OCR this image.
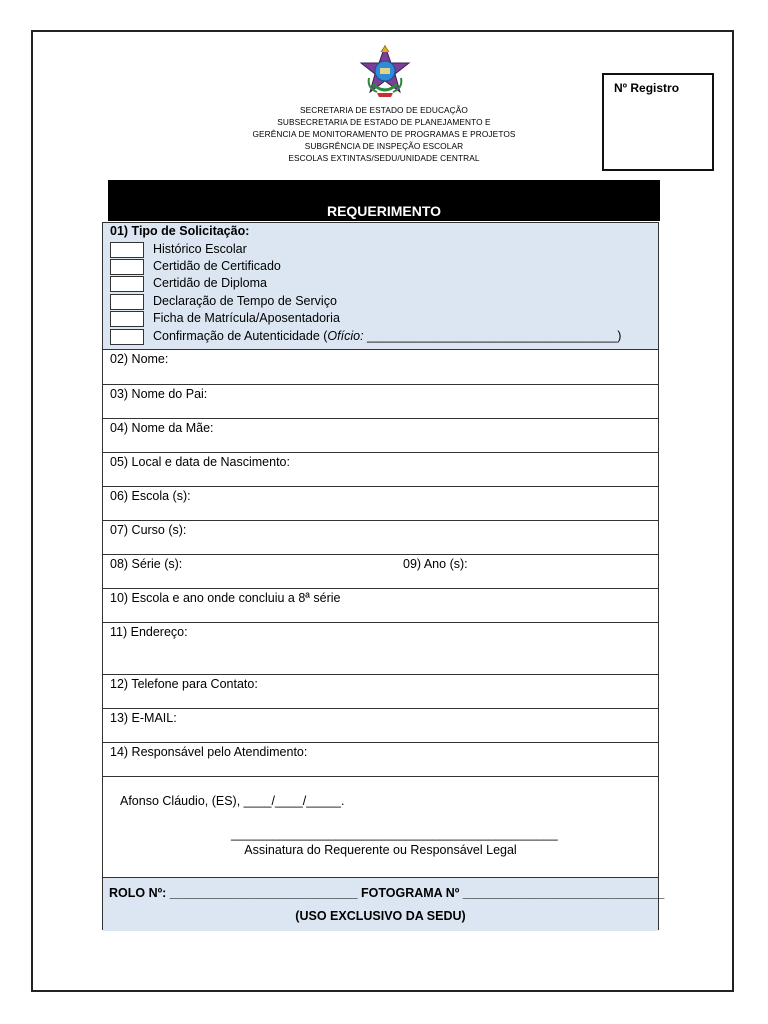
SECRETARIA DE ESTADO DE EDUCAÇÃO
SUBSECRETARIA DE ESTADO DE PLANEJAMENTO E
GERÊNCIA DE MONITORAMENTO DE PROGRAMAS E PROJETOS
SUBGRÊNCIA DE INSPEÇÃO ESCOLAR
ESCOLAS EXTINTAS/SEDU/UNIDADE CENTRAL
Nº Registro
REQUERIMENTO
01) Tipo de Solicitação:
Histórico Escolar
Certidão de Certificado
Certidão de Diploma
Declaração de Tempo de Serviço
Ficha de Matrícula/Aposentadoria
Confirmação de Autenticidade (Ofício: ____________________________________)
02) Nome:
03) Nome do Pai:
04) Nome da Mãe:
05) Local e data de Nascimento:
06) Escola (s):
07) Curso (s):
08) Série (s):	09) Ano (s):
10) Escola e ano onde concluiu a 8ª série
11) Endereço:
12) Telefone para Contato:
13) E-MAIL:
14) Responsável pelo Atendimento:
Afonso Cláudio, (ES), ____/____/_____.
_______________________________________________
Assinatura do Requerente ou Responsável Legal
ROLO Nº: ___________________________ FOTOGRAMA Nº _____________________________
(USO EXCLUSIVO DA SEDU)
